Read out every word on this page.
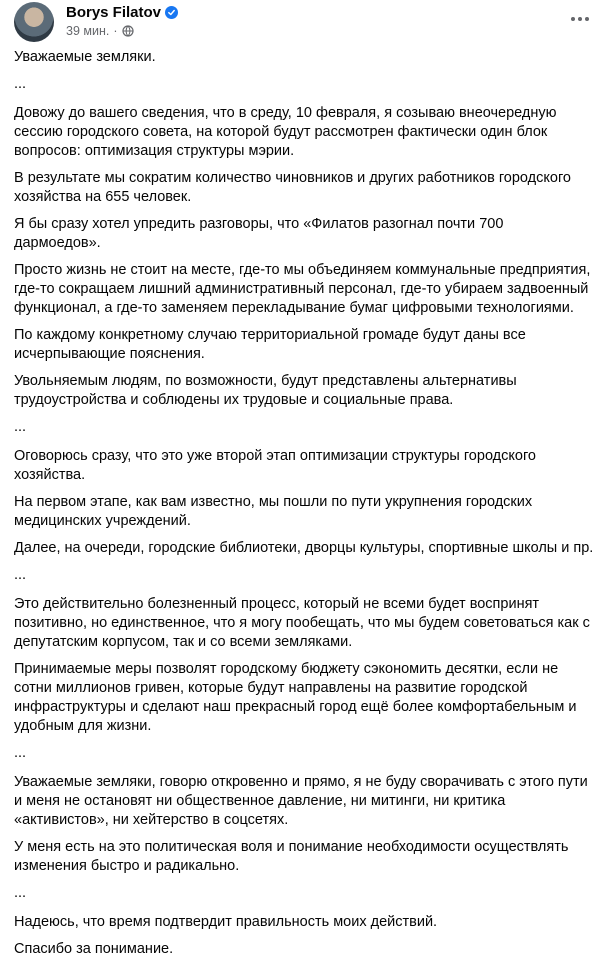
Borys Filatov
39 мин. ·

Уважаемые земляки.

...

Довожу до вашего сведения, что в среду, 10 февраля, я созываю внеочередную сессию городского совета, на которой будут рассмотрен фактически один блок вопросов: оптимизация структуры мэрии.

В результате мы сократим количество чиновников и других работников городского хозяйства на 655 человек.

Я бы сразу хотел упредить разговоры, что «Филатов разогнал почти 700 дармоедов».

Просто жизнь не стоит на месте, где-то мы объединяем коммунальные предприятия, где-то сокращаем лишний административный персонал, где-то убираем задвоенный функционал, а где-то заменяем перекладывание бумаг цифровыми технологиями.

По каждому конкретному случаю территориальной громаде будут даны все исчерпывающие пояснения.

Увольняемым людям, по возможности, будут представлены альтернативы трудоустройства и соблюдены их трудовые и социальные права.

...

Оговорюсь сразу, что это уже второй этап оптимизации структуры городского хозяйства.

На первом этапе, как вам известно, мы пошли по пути укрупнения городских медицинских учреждений.

Далее, на очереди, городские библиотеки, дворцы культуры, спортивные школы и пр.

...

Это действительно болезненный процесс, который не всеми будет воспринят позитивно, но единственное, что я могу пообещать, что мы будем советоваться как с депутатским корпусом, так и со всеми земляками.

Принимаемые меры позволят городскому бюджету сэкономить десятки, если не сотни миллионов гривен, которые будут направлены на развитие городской инфраструктуры и сделают наш прекрасный город ещё более комфортабельным и удобным для жизни.

...

Уважаемые земляки, говорю откровенно и прямо, я не буду сворачивать с этого пути и меня не остановят ни общественное давление, ни митинги, ни критика «активистов», ни хейтерство в соцсетях.

У меня есть на это политическая воля и понимание необходимости осуществлять изменения быстро и радикально.

...

Надеюсь, что время подтвердит правильность моих действий.

Спасибо за понимание.
